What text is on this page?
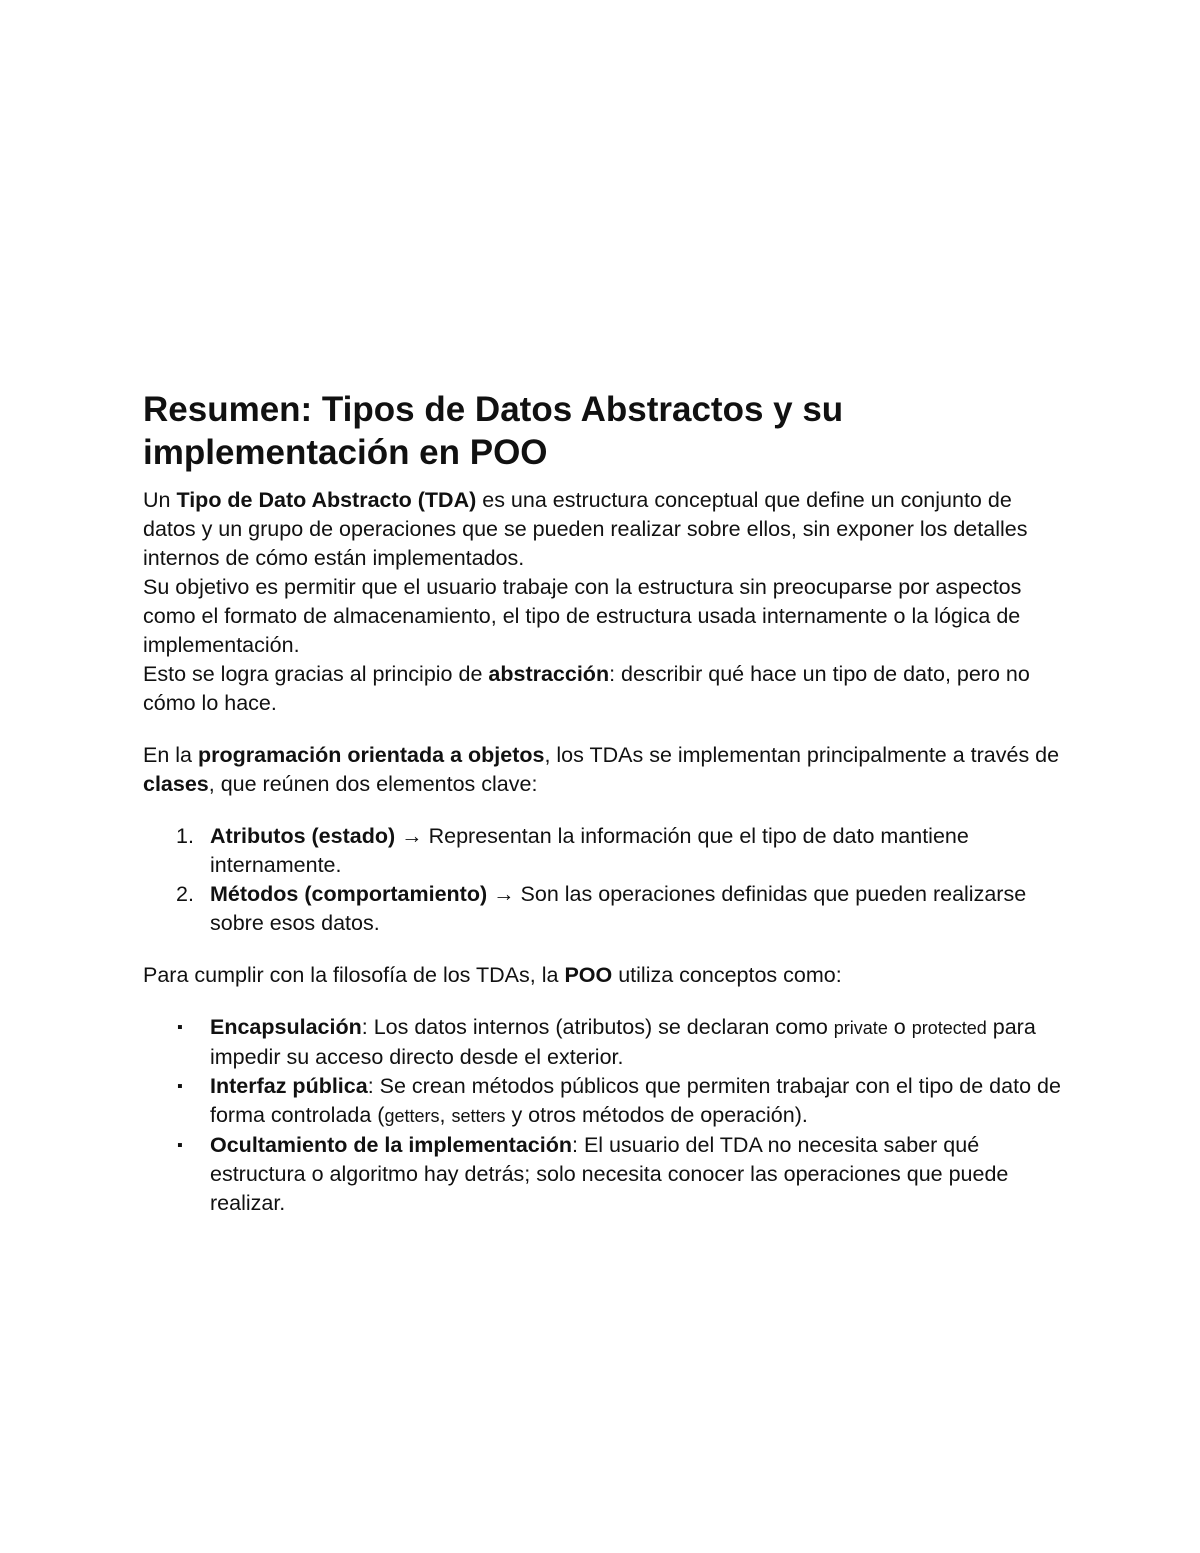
Resumen: Tipos de Datos Abstractos y su implementación en POO

Un Tipo de Dato Abstracto (TDA) es una estructura conceptual que define un conjunto de datos y un grupo de operaciones que se pueden realizar sobre ellos, sin exponer los detalles internos de cómo están implementados.

Su objetivo es permitir que el usuario trabaje con la estructura sin preocuparse por aspectos como el formato de almacenamiento, el tipo de estructura usada internamente o la lógica de implementación.

Esto se logra gracias al principio de abstracción: describir qué hace un tipo de dato, pero no cómo lo hace.

En la programación orientada a objetos, los TDAs se implementan principalmente a través de clases, que reúnen dos elementos clave:

1. Atributos (estado) → Representan la información que el tipo de dato mantiene internamente.
2. Métodos (comportamiento) → Son las operaciones definidas que pueden realizarse sobre esos datos.

Para cumplir con la filosofía de los TDAs, la POO utiliza conceptos como:

▪ Encapsulación: Los datos internos (atributos) se declaran como private o protected para impedir su acceso directo desde el exterior.
▪ Interfaz pública: Se crean métodos públicos que permiten trabajar con el tipo de dato de forma controlada (getters, setters y otros métodos de operación).
▪ Ocultamiento de la implementación: El usuario del TDA no necesita saber qué estructura o algoritmo hay detrás; solo necesita conocer las operaciones que puede realizar.
